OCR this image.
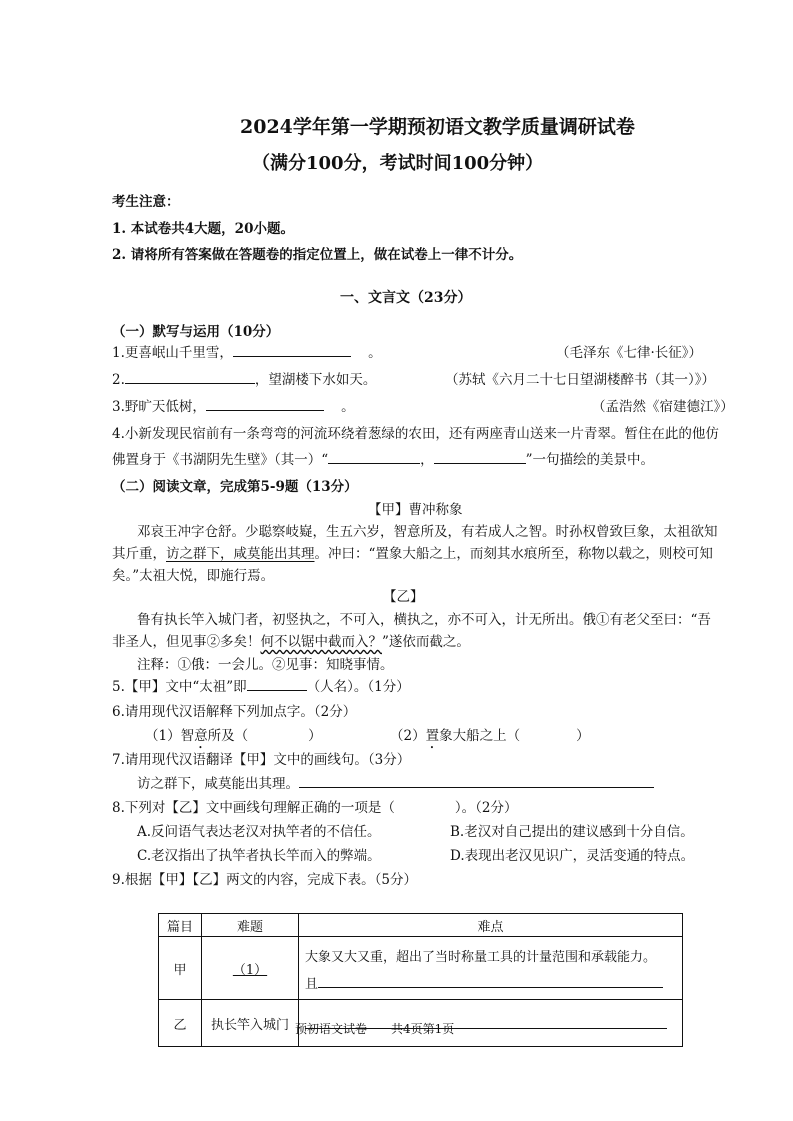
2024学年第一学期预初语文教学质量调研试卷
（满分100分，考试时间100分钟）
考生注意：
1. 本试卷共4大题，20小题。
2. 请将所有答案做在答题卷的指定位置上，做在试卷上一律不计分。
一、文言文（23分）
（一）默写与运用（10分）
1.更喜岷山千里雪，	。	（毛泽东《七律·长征》）
2.	，望湖楼下水如天。	（苏轼《六月二十七日望湖楼醉书（其一）》）
3.野旷天低树，	。	（孟浩然《宿建德江》）
4.小新发现民宿前有一条弯弯的河流环绕着葱绿的农田，还有两座青山送来一片青翠。暂住在此的他仿
佛置身于《书湖阴先生壁》（其一）“	，	”一句描绘的美景中。
（二）阅读文章，完成第5-9题（13分）
【甲】曹冲称象
邓哀王冲字仓舒。少聪察岐嶷，生五六岁，智意所及，有若成人之智。时孙权曾致巨象，太祖欲知
其斤重，访之群下，咸莫能出其理。冲曰：“置象大船之上，而刻其水痕所至，称物以载之，则校可知
矣。”太祖大悦，即施行焉。
【乙】
鲁有执长竿入城门者，初竖执之，不可入，横执之，亦不可入，计无所出。俄①有老父至曰：“吾
非圣人，但见事②多矣！何不以锯中截而入？”遂依而截之。
注释：①俄：一会儿。②见事：知晓事情。
5.【甲】文中“太祖”即	（人名）。（1分）
6.请用现代汉语解释下列加点字。（2分）
（1）智意所及（	）	（2）置象大船之上（	）
7.请用现代汉语翻译【甲】文中的画线句。（3分）
访之群下，咸莫能出其理。
8.下列对【乙】文中画线句理解正确的一项是（	）。（2分）
A.反问语气表达老汉对执竿者的不信任。	B.老汉对自己提出的建议感到十分自信。
C.老汉指出了执竿者执长竿而入的弊端。	D.表现出老汉见识广，灵活变通的特点。
9.根据【甲】【乙】两文的内容，完成下表。（5分）
篇目	难题	难点
甲	（1）	大象又大又重，超出了当时称量工具的计量范围和承载能力。
且

乙	执长竿入城门	预初语文试卷　　共4页第1页
